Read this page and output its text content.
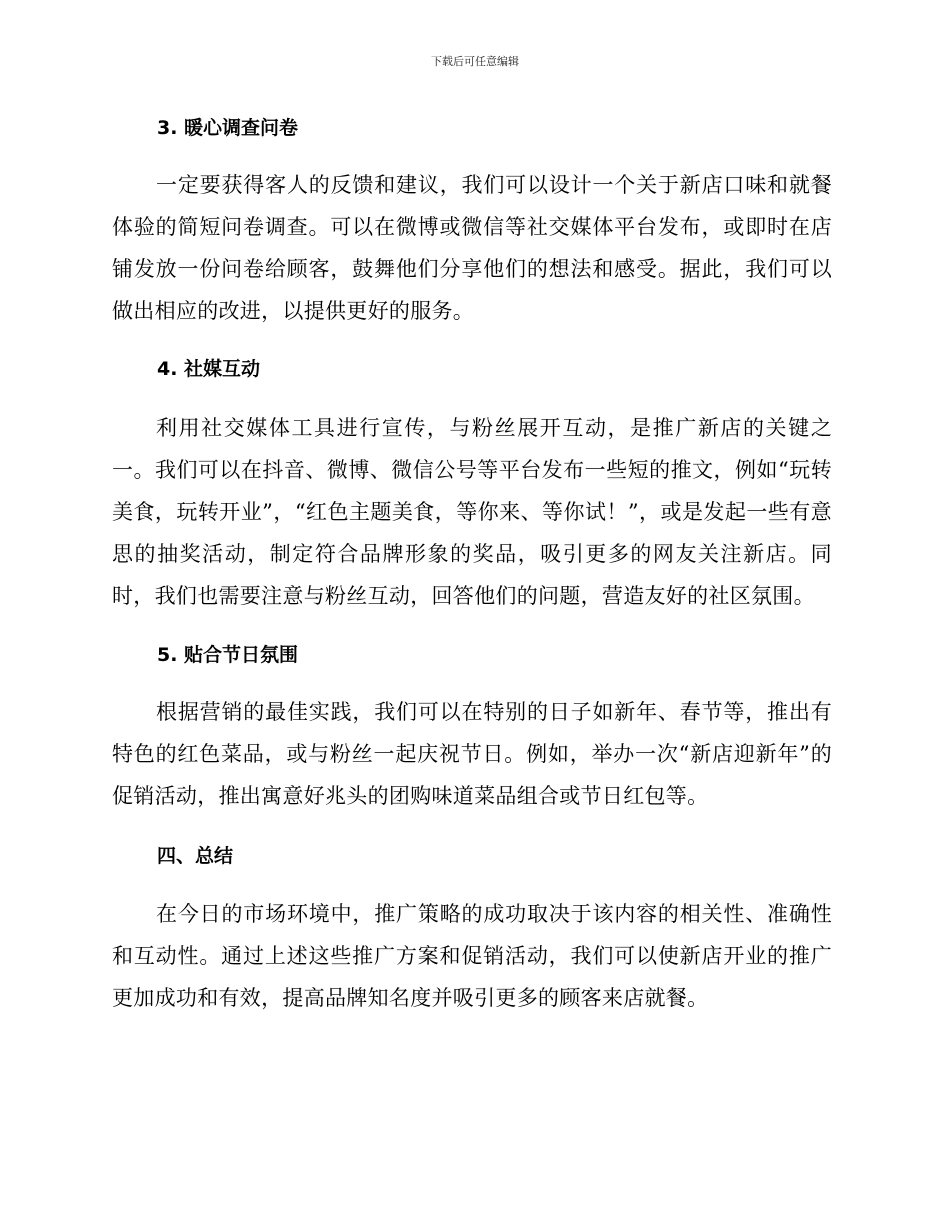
下载后可任意编辑
3. 暖心调查问卷

一定要获得客人的反馈和建议，我们可以设计一个关于新店口味和就餐体验的简短问卷调查。可以在微博或微信等社交媒体平台发布，或即时在店铺发放一份问卷给顾客，鼓舞他们分享他们的想法和感受。据此，我们可以做出相应的改进，以提供更好的服务。

4. 社媒互动

利用社交媒体工具进行宣传，与粉丝展开互动，是推广新店的关键之一。我们可以在抖音、微博、微信公号等平台发布一些短的推文，例如“玩转美食，玩转开业”，“红色主题美食，等你来、等你试！”，或是发起一些有意思的抽奖活动，制定符合品牌形象的奖品，吸引更多的网友关注新店。同时，我们也需要注意与粉丝互动，回答他们的问题，营造友好的社区氛围。

5. 贴合节日氛围

根据营销的最佳实践，我们可以在特别的日子如新年、春节等，推出有特色的红色菜品，或与粉丝一起庆祝节日。例如，举办一次“新店迎新年”的促销活动，推出寓意好兆头的团购味道菜品组合或节日红包等。

四、总结

在今日的市场环境中，推广策略的成功取决于该内容的相关性、准确性和互动性。通过上述这些推广方案和促销活动，我们可以使新店开业的推广更加成功和有效，提高品牌知名度并吸引更多的顾客来店就餐。
